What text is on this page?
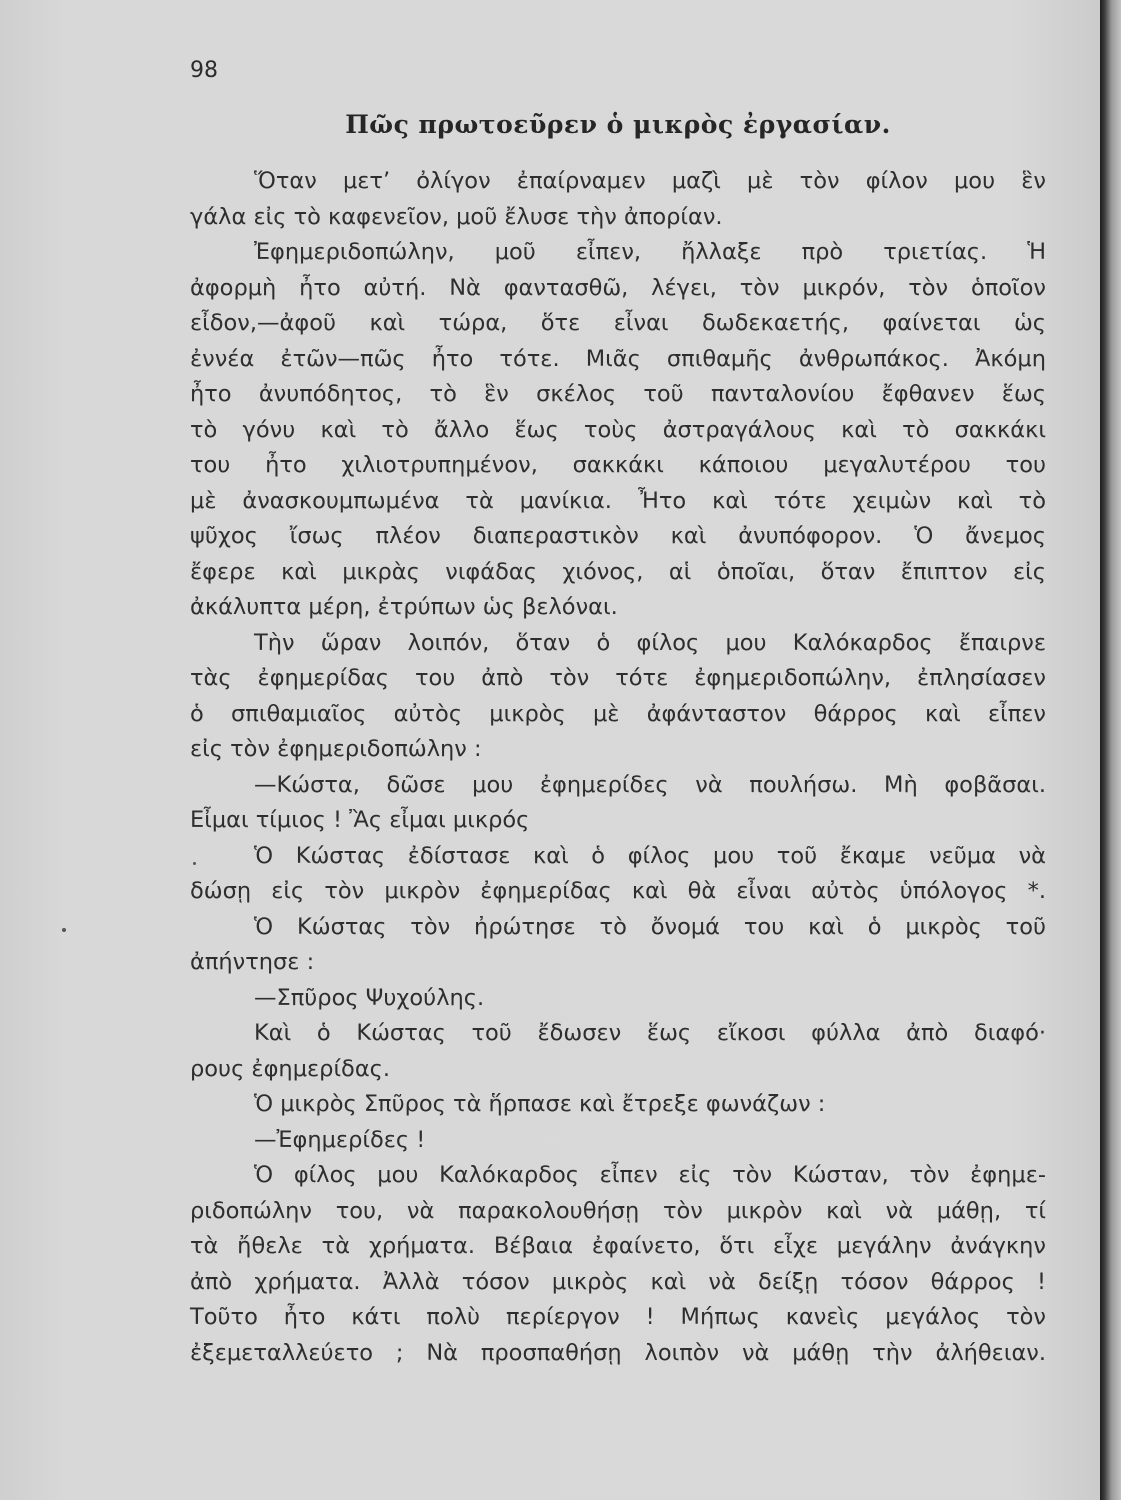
98
Πῶς πρωτοεῦρεν ὁ μικρὸς ἐργασίαν.
Ὅταν μετ’ ὀλίγον ἐπαίρναμεν μαζὶ μὲ τὸν φίλον μου ἓν
γάλα εἰς τὸ καφενεῖον, μοῦ ἔλυσε τὴν ἀπορίαν.
Ἐφημεριδοπώλην, μοῦ εἶπεν, ἤλλαξε πρὸ τριετίας. Ἡ
ἀφορμὴ ἦτο αὐτή. Νὰ φαντασθῶ, λέγει, τὸν μικρόν, τὸν ὁποῖον
εἶδον,—ἀφοῦ καὶ τώρα, ὅτε εἶναι δωδεκαετής, φαίνεται ὡς
ἐννέα ἐτῶν—πῶς ἦτο τότε. Μιᾶς σπιθαμῆς ἀνθρωπάκος. Ἀκόμη
ἦτο ἀνυπόδητος, τὸ ἓν σκέλος τοῦ πανταλονίου ἔφθανεν ἕως
τὸ γόνυ καὶ τὸ ἄλλο ἕως τοὺς ἀστραγάλους καὶ τὸ σακκάκι
του ἦτο χιλιοτρυπημένον, σακκάκι κάποιου μεγαλυτέρου του
μὲ ἀνασκουμπωμένα τὰ μανίκια. Ἦτο καὶ τότε χειμὼν καὶ τὸ
ψῦχος ἴσως πλέον διαπεραστικὸν καὶ ἀνυπόφορον. Ὁ ἄνεμος
ἔφερε καὶ μικρὰς νιφάδας χιόνος, αἱ ὁποῖαι, ὅταν ἔπιπτον εἰς
ἀκάλυπτα μέρη, ἐτρύπων ὡς βελόναι.
Τὴν ὥραν λοιπόν, ὅταν ὁ φίλος μου Καλόκαρδος ἔπαιρνε
τὰς ἐφημερίδας του ἀπὸ τὸν τότε ἐφημεριδοπώλην, ἐπλησίασεν
ὁ σπιθαμιαῖος αὐτὸς μικρὸς μὲ ἀφάνταστον θάρρος καὶ εἶπεν
εἰς τὸν ἐφημεριδοπώλην :
—Κώστα, δῶσε μου ἐφημερίδες νὰ πουλήσω. Μὴ φοβᾶσαι.
Εἶμαι τίμιος ! Ἂς εἶμαι μικρός
Ὁ Κώστας ἐδίστασε καὶ ὁ φίλος μου τοῦ ἔκαμε νεῦμα νὰ
δώσῃ εἰς τὸν μικρὸν ἐφημερίδας καὶ θὰ εἶναι αὐτὸς ὑπόλογος *.
Ὁ Κώστας τὸν ἠρώτησε τὸ ὄνομά του καὶ ὁ μικρὸς τοῦ
ἀπήντησε :
—Σπῦρος Ψυχούλης.
Καὶ ὁ Κώστας τοῦ ἔδωσεν ἕως εἴκοσι φύλλα ἀπὸ διαφό·
ρους ἐφημερίδας.
Ὁ μικρὸς Σπῦρος τὰ ἥρπασε καὶ ἔτρεξε φωνάζων :
—Ἐφημερίδες !
Ὁ φίλος μου Καλόκαρδος εἶπεν εἰς τὸν Κώσταν, τὸν ἐφημε-
ριδοπώλην του, νὰ παρακολουθήσῃ τὸν μικρὸν καὶ νὰ μάθῃ, τί
τὰ ἤθελε τὰ χρήματα. Βέβαια ἐφαίνετο, ὅτι εἶχε μεγάλην ἀνάγκην
ἀπὸ χρήματα. Ἀλλὰ τόσον μικρὸς καὶ νὰ δείξῃ τόσον θάρρος !
Τοῦτο ἦτο κάτι πολὺ περίεργον ! Μήπως κανεὶς μεγάλος τὸν
ἐξεμεταλλεύετο ; Νὰ προσπαθήσῃ λοιπὸν νὰ μάθῃ τὴν ἀλήθειαν.
